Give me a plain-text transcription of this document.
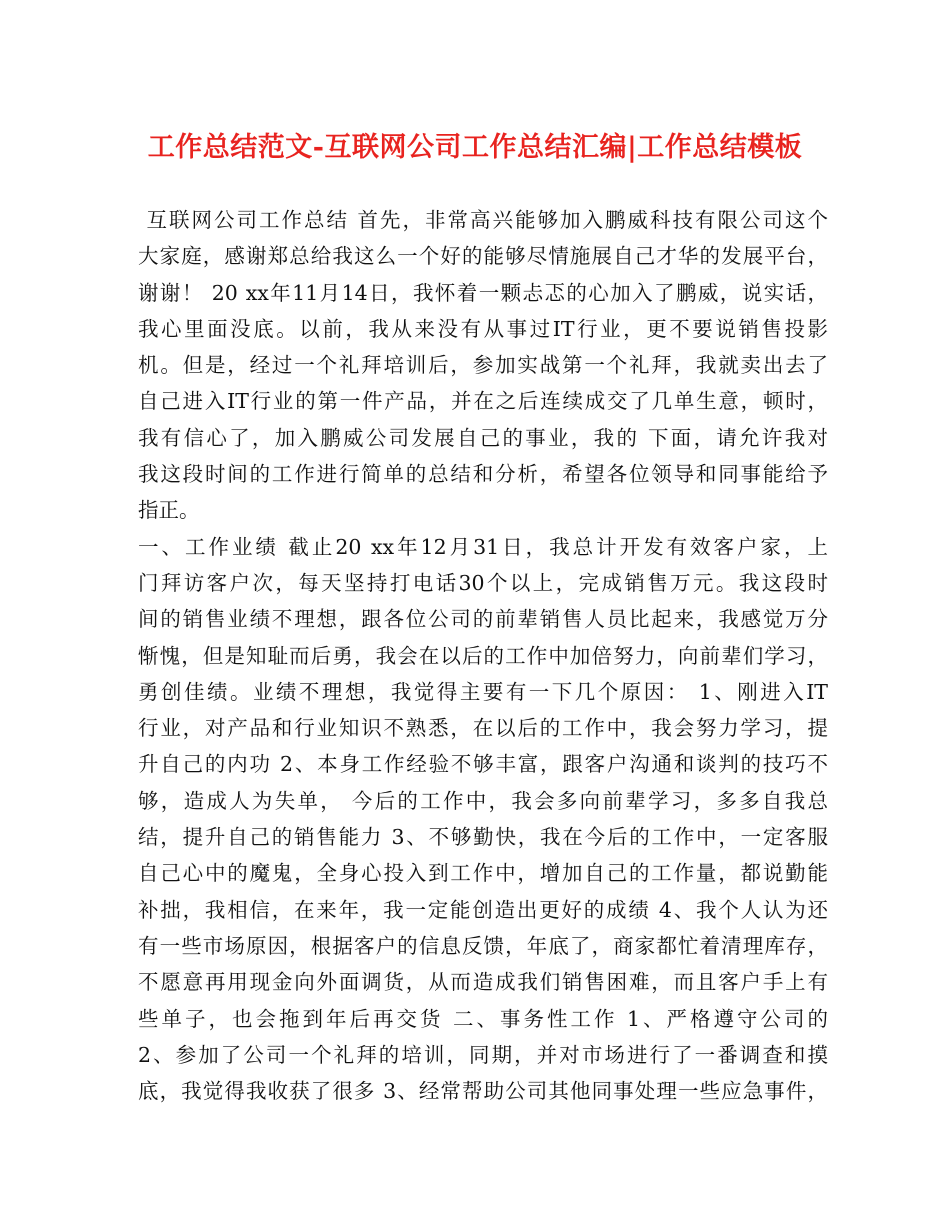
工作总结范文-互联网公司工作总结汇编|工作总结模板
互联网公司工作总结 首先，非常高兴能够加入鹏威科技有限公司这个
大家庭，感谢郑总给我这么一个好的能够尽情施展自己才华的发展平台，
谢谢！ 20 xx年11月14日，我怀着一颗忐忑的心加入了鹏威，说实话，
我心里面没底。以前，我从来没有从事过IT行业，更不要说销售投影
机。但是，经过一个礼拜培训后，参加实战第一个礼拜，我就卖出去了
自己进入IT行业的第一件产品，并在之后连续成交了几单生意，顿时，
我有信心了，加入鹏威公司发展自己的事业，我的 下面，请允许我对
我这段时间的工作进行简单的总结和分析，希望各位领导和同事能给予
指正。
一、工作业绩 截止20 xx年12月31日，我总计开发有效客户家，上
门拜访客户次，每天坚持打电话30个以上，完成销售万元。我这段时
间的销售业绩不理想，跟各位公司的前辈销售人员比起来，我感觉万分
惭愧，但是知耻而后勇，我会在以后的工作中加倍努力，向前辈们学习，
勇创佳绩。业绩不理想，我觉得主要有一下几个原因： 1、刚进入IT
行业，对产品和行业知识不熟悉，在以后的工作中，我会努力学习，提
升自己的内功 2、本身工作经验不够丰富，跟客户沟通和谈判的技巧不
够，造成人为失单， 今后的工作中，我会多向前辈学习，多多自我总
结，提升自己的销售能力 3、不够勤快，我在今后的工作中，一定客服
自己心中的魔鬼，全身心投入到工作中，增加自己的工作量，都说勤能
补拙，我相信，在来年，我一定能创造出更好的成绩 4、我个人认为还
有一些市场原因，根据客户的信息反馈，年底了，商家都忙着清理库存，
不愿意再用现金向外面调货，从而造成我们销售困难，而且客户手上有
些单子，也会拖到年后再交货 二、事务性工作 1、严格遵守公司的
2、参加了公司一个礼拜的培训，同期，并对市场进行了一番调查和摸
底，我觉得我收获了很多 3、经常帮助公司其他同事处理一些应急事件，
